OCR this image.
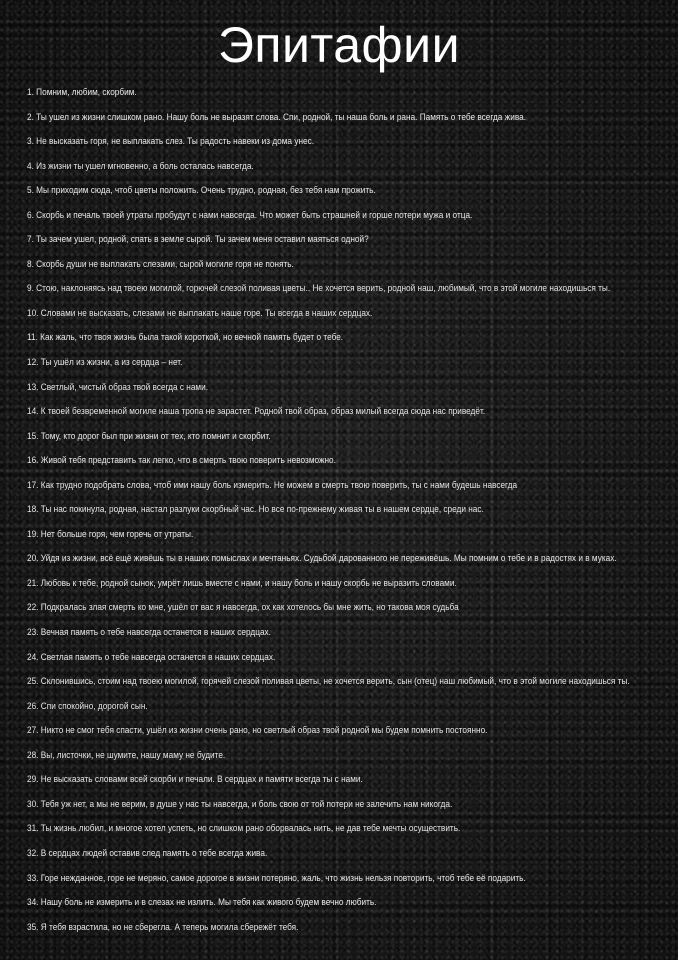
Эпитафии
1. Помним, любим, скорбим.
2. Ты ушел из жизни слишком рано. Нашу боль не выразят слова. Спи, родной, ты наша боль и рана. Память о тебе всегда жива.
3. Не высказать горя, не выплакать слез. Ты радость навеки из дома унес.
4. Из жизни ты ушел мгновенно, а боль осталась навсегда.
5. Мы приходим сюда, чтоб цветы положить. Очень трудно, родная, без тебя нам прожить.
6. Скорбь и печаль твоей утраты пробудут с нами навсегда. Что может быть страшней и горше потери мужа и отца.
7. Ты зачем ушел, родной, спать в земле сырой. Ты зачем меня оставил маяться одной?
8. Скорбь души не выплакать слезами, сырой могиле горя не понять.
9. Стою, наклоняясь над твоею могилой, горючей слезой поливая цветы.. Не хочется верить, родной наш, любимый, что в этой могиле находишься ты.
10. Словами не высказать, слезами не выплакать наше горе. Ты всегда в наших сердцах.
11. Как жаль, что твоя жизнь была такой короткой, но вечной память будет о тебе.
12. Ты ушёл из жизни, а из сердца – нет.
13. Светлый, чистый образ твой всегда с нами.
14. К твоей безвременной могиле наша тропа не зарастет. Родной твой образ, образ милый всегда сюда нас приведёт.
15. Тому, кто дорог был при жизни от тех, кто помнит и скорбит.
16. Живой тебя представить так легко, что в смерть твою поверить невозможно.
17. Как трудно подобрать слова, чтоб ими нашу боль измерить. Не можем в смерть твою поверить, ты с нами будешь навсегда
18. Ты нас покинула, родная, настал разлуки скорбный час. Но все по-прежнему живая ты в нашем сердце, среди нас.
19. Нет больше горя, чем горечь от утраты.
20. Уйдя из жизни, всё ещё живёшь ты в наших помыслах и мечтаньях. Судьбой дарованного не переживёшь. Мы помним о тебе и в радостях и в муках.
21. Любовь к тебе, родной сынок, умрёт лишь вместе с нами, и нашу боль и нашу скорбь не выразить словами.
22. Подкралась злая смерть ко мне, ушёл от вас я навсегда, ох как хотелось бы мне жить, но такова моя судьба
23. Вечная память о тебе навсегда останется в наших сердцах.
24. Светлая память о тебе навсегда останется в наших сердцах.
25. Склонившись, стоим над твоею могилой, горячей слезой поливая цветы, не хочется верить, сын (отец) наш любимый, что в этой могиле находишься ты.
26. Спи спокойно, дорогой сын.
27. Никто не смог тебя спасти, ушёл из жизни очень рано, но светлый образ твой родной мы будем помнить постоянно.
28. Вы, листочки, не шумите, нашу маму не будите.
29. Не высказать словами всей скорби и печали. В сердцах и памяти всегда ты с нами.
30. Тебя уж нет, а мы не верим, в душе у нас ты навсегда, и боль свою от той потери не залечить нам никогда.
31. Ты жизнь любил, и многое хотел успеть, но слишком рано оборвалась нить, не дав тебе мечты осуществить.
32. В сердцах людей оставив след память о тебе всегда жива.
33. Горе нежданное, горе не меряно, самое дорогое в жизни потеряно, жаль, что жизнь нельзя повторить, чтоб тебе её подарить.
34. Нашу боль не измерить и в слезах не излить. Мы тебя как живого будем вечно любить.
35. Я тебя взрастила, но не сберегла. А теперь могила сбережёт тебя.
